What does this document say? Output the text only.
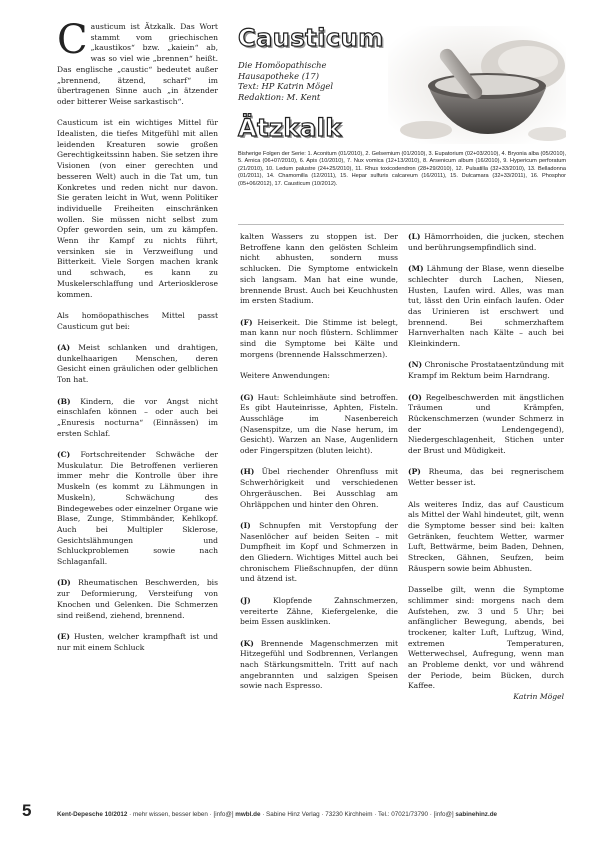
C austicum ist Ätzkalk. Das Wort stammt vom griechischen „kaustikos“ bzw. „kaiein“ ab, was so viel wie „brennen“ heißt. Das englische „caustic“ bedeutet außer „brennend, ätzend, scharf“ im übertragenen Sinne auch „in ätzender oder bitterer Weise sarkastisch“.

Causticum ist ein wichtiges Mittel für Idealisten, die tiefes Mitgefühl mit allen leidenden Kreaturen sowie großen Gerechtigkeitssinn haben. Sie setzen ihre Visionen (von einer gerechten und besseren Welt) auch in die Tat um, tun Konkretes und reden nicht nur davon. Sie geraten leicht in Wut, wenn Politiker individuelle Freiheiten einschränken wollen. Sie müssen nicht selbst zum Opfer geworden sein, um zu kämpfen. Wenn ihr Kampf zu nichts führt, versinken sie in Verzweiflung und Bitterkeit. Viele Sorgen machen krank und schwach, es kann zu Muskelerschlaffung und Arteriosklerose kommen.

Als homöopathisches Mittel passt Causticum gut bei:

(A) Meist schlanken und drahtigen, dunkelhaarigen Menschen, deren Gesicht einen gräulichen oder gelblichen Ton hat.

(B) Kindern, die vor Angst nicht einschlafen können – oder auch bei „Enuresis nocturna“ (Einnässen) im ersten Schlaf.

(C) Fortschreitender Schwäche der Muskulatur. Die Betroffenen verlieren immer mehr die Kontrolle über ihre Muskeln (es kommt zu Lähmungen in Muskeln), Schwächung des Bindegewebes oder einzelner Organe wie Blase, Zunge, Stimmbänder, Kehlkopf. Auch bei Multipler Sklerose, Gesichtslähmungen und Schluckproblemen sowie nach Schlaganfall.

(D) Rheumatischen Beschwerden, bis zur Deformierung, Versteifung von Knochen und Gelenken. Die Schmerzen sind reißend, ziehend, brennend.

(E) Husten, welcher krampfhaft ist und nur mit einem Schluck

Causticum
Die Homöopathische
Hausapotheke (17)
Text: HP Katrin Mögel
Redaktion: M. Kent
Ätzkalk
Bisherige Folgen der Serie: 1. Aconitum (01/2010), 2. Gelsemium (01/2010), 3. Eupatorium (02+03/2010), 4. Bryonia alba (05/2010), 5. Arnica (06+07/2010), 6. Apis (10/2010), 7. Nux vomica (12+13/2010), 8. Arsenicum album (16/2010), 9. Hypericum perforatum (21/2010), 10. Ledum palustre (24+25/2010), 11. Rhus toxicodendron (28+29/2010), 12. Pulsatilla (32+33/2010), 13. Belladonna (01/2011), 14. Chamomilla (12/2011), 15. Hepar sulfuris calcareum (16/2011), 15. Dulcamara (32+33/2011), 16. Phosphor (05+06/2012), 17. Causticum (10/2012).

kalten Wassers zu stoppen ist. Der Betroffene kann den gelösten Schleim nicht abhusten, sondern muss schlucken. Die Symptome entwickeln sich langsam. Man hat eine wunde, brennende Brust. Auch bei Keuchhusten im ersten Stadium.

(F) Heiserkeit. Die Stimme ist belegt, man kann nur noch flüstern. Schlimmer sind die Symptome bei Kälte und morgens (brennende Halsschmerzen).

Weitere Anwendungen:

(G) Haut: Schleimhäute sind betroffen. Es gibt Hauteinrisse, Aphten, Fisteln. Ausschläge im Nasenbereich (Nasenspitze, um die Nase herum, im Gesicht). Warzen an Nase, Augenlidern oder Fingerspitzen (bluten leicht).

(H) Übel riechender Ohrenfluss mit Schwerhörigkeit und verschiedenen Ohrgeräuschen. Bei Ausschlag am Ohrläppchen und hinter den Ohren.

(I) Schnupfen mit Verstopfung der Nasenlöcher auf beiden Seiten – mit Dumpfheit im Kopf und Schmerzen in den Gliedern. Wichtiges Mittel auch bei chronischem Fließschnupfen, der dünn und ätzend ist.

(J) Klopfende Zahnschmerzen, vereiterte Zähne, Kiefergelenke, die beim Essen ausklinken.

(K) Brennende Magenschmerzen mit Hitzegefühl und Sodbrennen, Verlangen nach Stärkungsmitteln. Tritt auf nach angebrannten und salzigen Speisen sowie nach Espresso.

(L) Hämorrhoiden, die jucken, stechen und berührungsempfindlich sind.

(M) Lähmung der Blase, wenn dieselbe schlechter durch Lachen, Niesen, Husten, Laufen wird. Alles, was man tut, lässt den Urin einfach laufen. Oder das Urinieren ist erschwert und brennend. Bei schmerzhaftem Harnverhalten nach Kälte – auch bei Kleinkindern.

(N) Chronische Prostataentzündung mit Krampf im Rektum beim Harndrang.

(O) Regelbeschwerden mit ängstlichen Träumen und Krämpfen, Rückenschmerzen (wunder Schmerz in der Lendengegend), Niedergeschlagenheit, Stichen unter der Brust und Müdigkeit.

(P) Rheuma, das bei regnerischem Wetter besser ist.

Als weiteres Indiz, das auf Causticum als Mittel der Wahl hindeutet, gilt, wenn die Symptome besser sind bei: kalten Getränken, feuchtem Wetter, warmer Luft, Bettwärme, beim Baden, Dehnen, Strecken, Gähnen, Seufzen, beim Räuspern sowie beim Abhusten.

Dasselbe gilt, wenn die Symptome schlimmer sind: morgens nach dem Aufstehen, zw. 3 und 5 Uhr; bei anfänglicher Bewegung, abends, bei trockener, kalter Luft, Luftzug, Wind, extremen Temperaturen, Wetterwechsel, Aufregung, wenn man an Probleme denkt, vor und während der Periode, beim Bücken, durch Kaffee.

Katrin Mögel
5	Kent-Depesche 10/2012 · mehr wissen, besser leben · [info@] mwbl.de · Sabine Hinz Verlag · 73230 Kirchheim · Tel.: 07021/73790 · [info@] sabinehinz.de
